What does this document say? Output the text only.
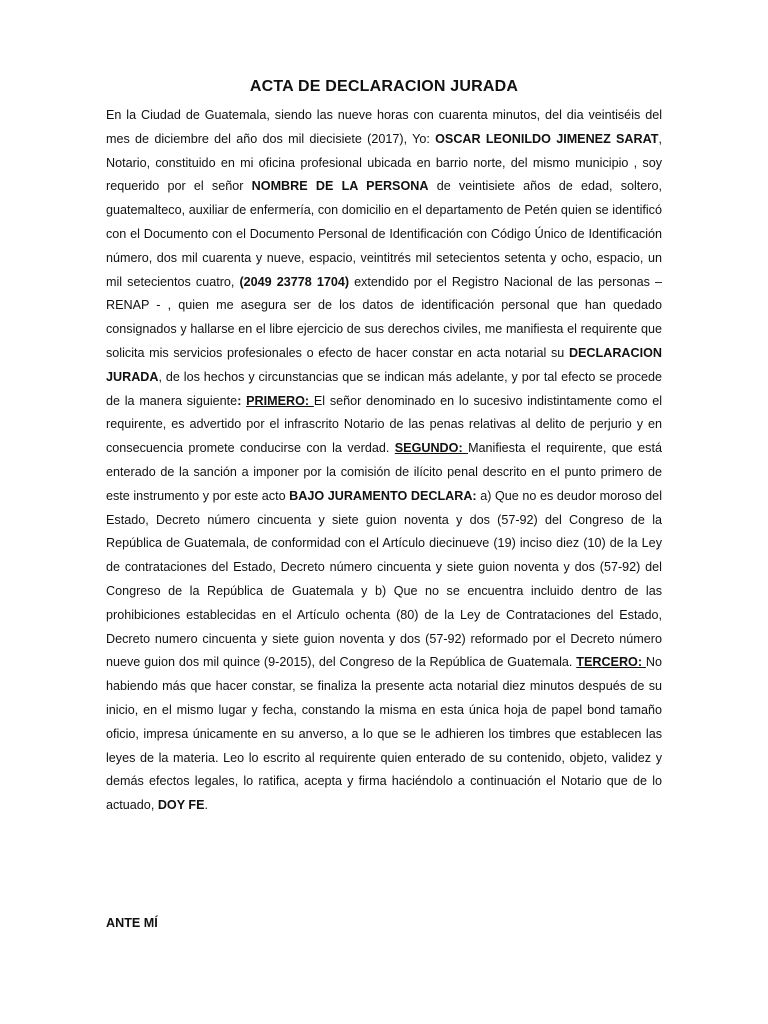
ACTA DE DECLARACION JURADA

En la Ciudad de Guatemala, siendo las nueve horas con cuarenta minutos, del dia veintiséis del mes de diciembre del año dos mil diecisiete (2017), Yo: OSCAR LEONILDO JIMENEZ SARAT, Notario, constituido en mi oficina profesional ubicada en barrio norte, del mismo municipio , soy requerido por el señor NOMBRE DE LA PERSONA de veintisiete años de edad, soltero, guatemalteco, auxiliar de enfermería, con domicilio en el departamento de Petén quien se identificó con el Documento con el Documento Personal de Identificación con Código Único de Identificación número, dos mil cuarenta y nueve, espacio, veintitrés mil setecientos setenta y ocho, espacio, un mil setecientos cuatro, (2049 23778 1704) extendido por el Registro Nacional de las personas – RENAP - , quien me asegura ser de los datos de identificación personal que han quedado consignados y hallarse en el libre ejercicio de sus derechos civiles, me manifiesta el requirente que solicita mis servicios profesionales o efecto de hacer constar en acta notarial su DECLARACION JURADA, de los hechos y circunstancias que se indican más adelante, y por tal efecto se procede de la manera siguiente: PRIMERO: El señor denominado en lo sucesivo indistintamente como el requirente, es advertido por el infrascrito Notario de las penas relativas al delito de perjurio y en consecuencia promete conducirse con la verdad. SEGUNDO: Manifiesta el requirente, que está enterado de la sanción a imponer por la comisión de ilícito penal descrito en el punto primero de este instrumento y por este acto BAJO JURAMENTO DECLARA: a) Que no es deudor moroso del Estado, Decreto número cincuenta y siete guion noventa y dos (57-92) del Congreso de la República de Guatemala, de conformidad con el Artículo diecinueve (19) inciso diez (10) de la Ley de contrataciones del Estado, Decreto número cincuenta y siete guion noventa y dos (57-92) del Congreso de la República de Guatemala y b) Que no se encuentra incluido dentro de las prohibiciones establecidas en el Artículo ochenta (80) de la Ley de Contrataciones del Estado, Decreto numero cincuenta y siete guion noventa y dos (57-92) reformado por el Decreto número nueve guion dos mil quince (9-2015), del Congreso de la República de Guatemala. TERCERO: No habiendo más que hacer constar, se finaliza la presente acta notarial diez minutos después de su inicio, en el mismo lugar y fecha, constando la misma en esta única hoja de papel bond tamaño oficio, impresa únicamente en su anverso, a lo que se le adhieren los timbres que establecen las leyes de la materia. Leo lo escrito al requirente quien enterado de su contenido, objeto, validez y demás efectos legales, lo ratifica, acepta y firma haciéndolo a continuación el Notario que de lo actuado, DOY FE.

ANTE MÍ
